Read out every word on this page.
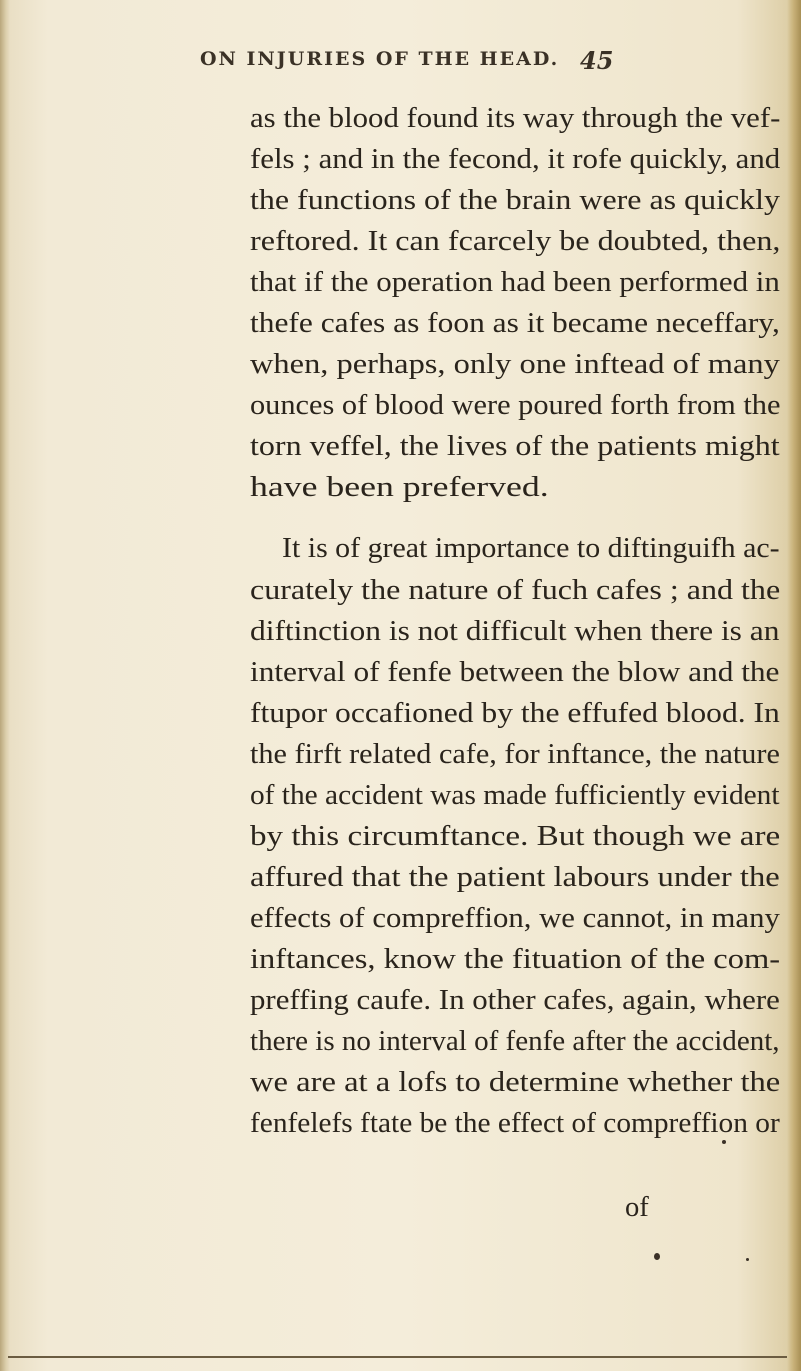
ON INJURIES OF THE HEAD. 45
as the blood found its way through the vef-
fels ; and in the fecond, it rofe quickly, and
the functions of the brain were as quickly
reftored. It can fcarcely be doubted, then,
that if the operation had been performed in
thefe cafes as foon as it became neceffary,
when, perhaps, only one inftead of many
ounces of blood were poured forth from the
torn veffel, the lives of the patients might
have been preferved.
It is of great importance to diftinguifh ac-
curately the nature of fuch cafes ; and the
diftinction is not difficult when there is an
interval of fenfe between the blow and the
ftupor occafioned by the effufed blood. In
the firft related cafe, for inftance, the nature
of the accident was made fufficiently evident
by this circumftance. But though we are
affured that the patient labours under the
effects of compreffion, we cannot, in many
inftances, know the fituation of the com-
preffing caufe. In other cafes, again, where
there is no interval of fenfe after the accident,
we are at a lofs to determine whether the
fenfelefs ftate be the effect of compreffion or
of
